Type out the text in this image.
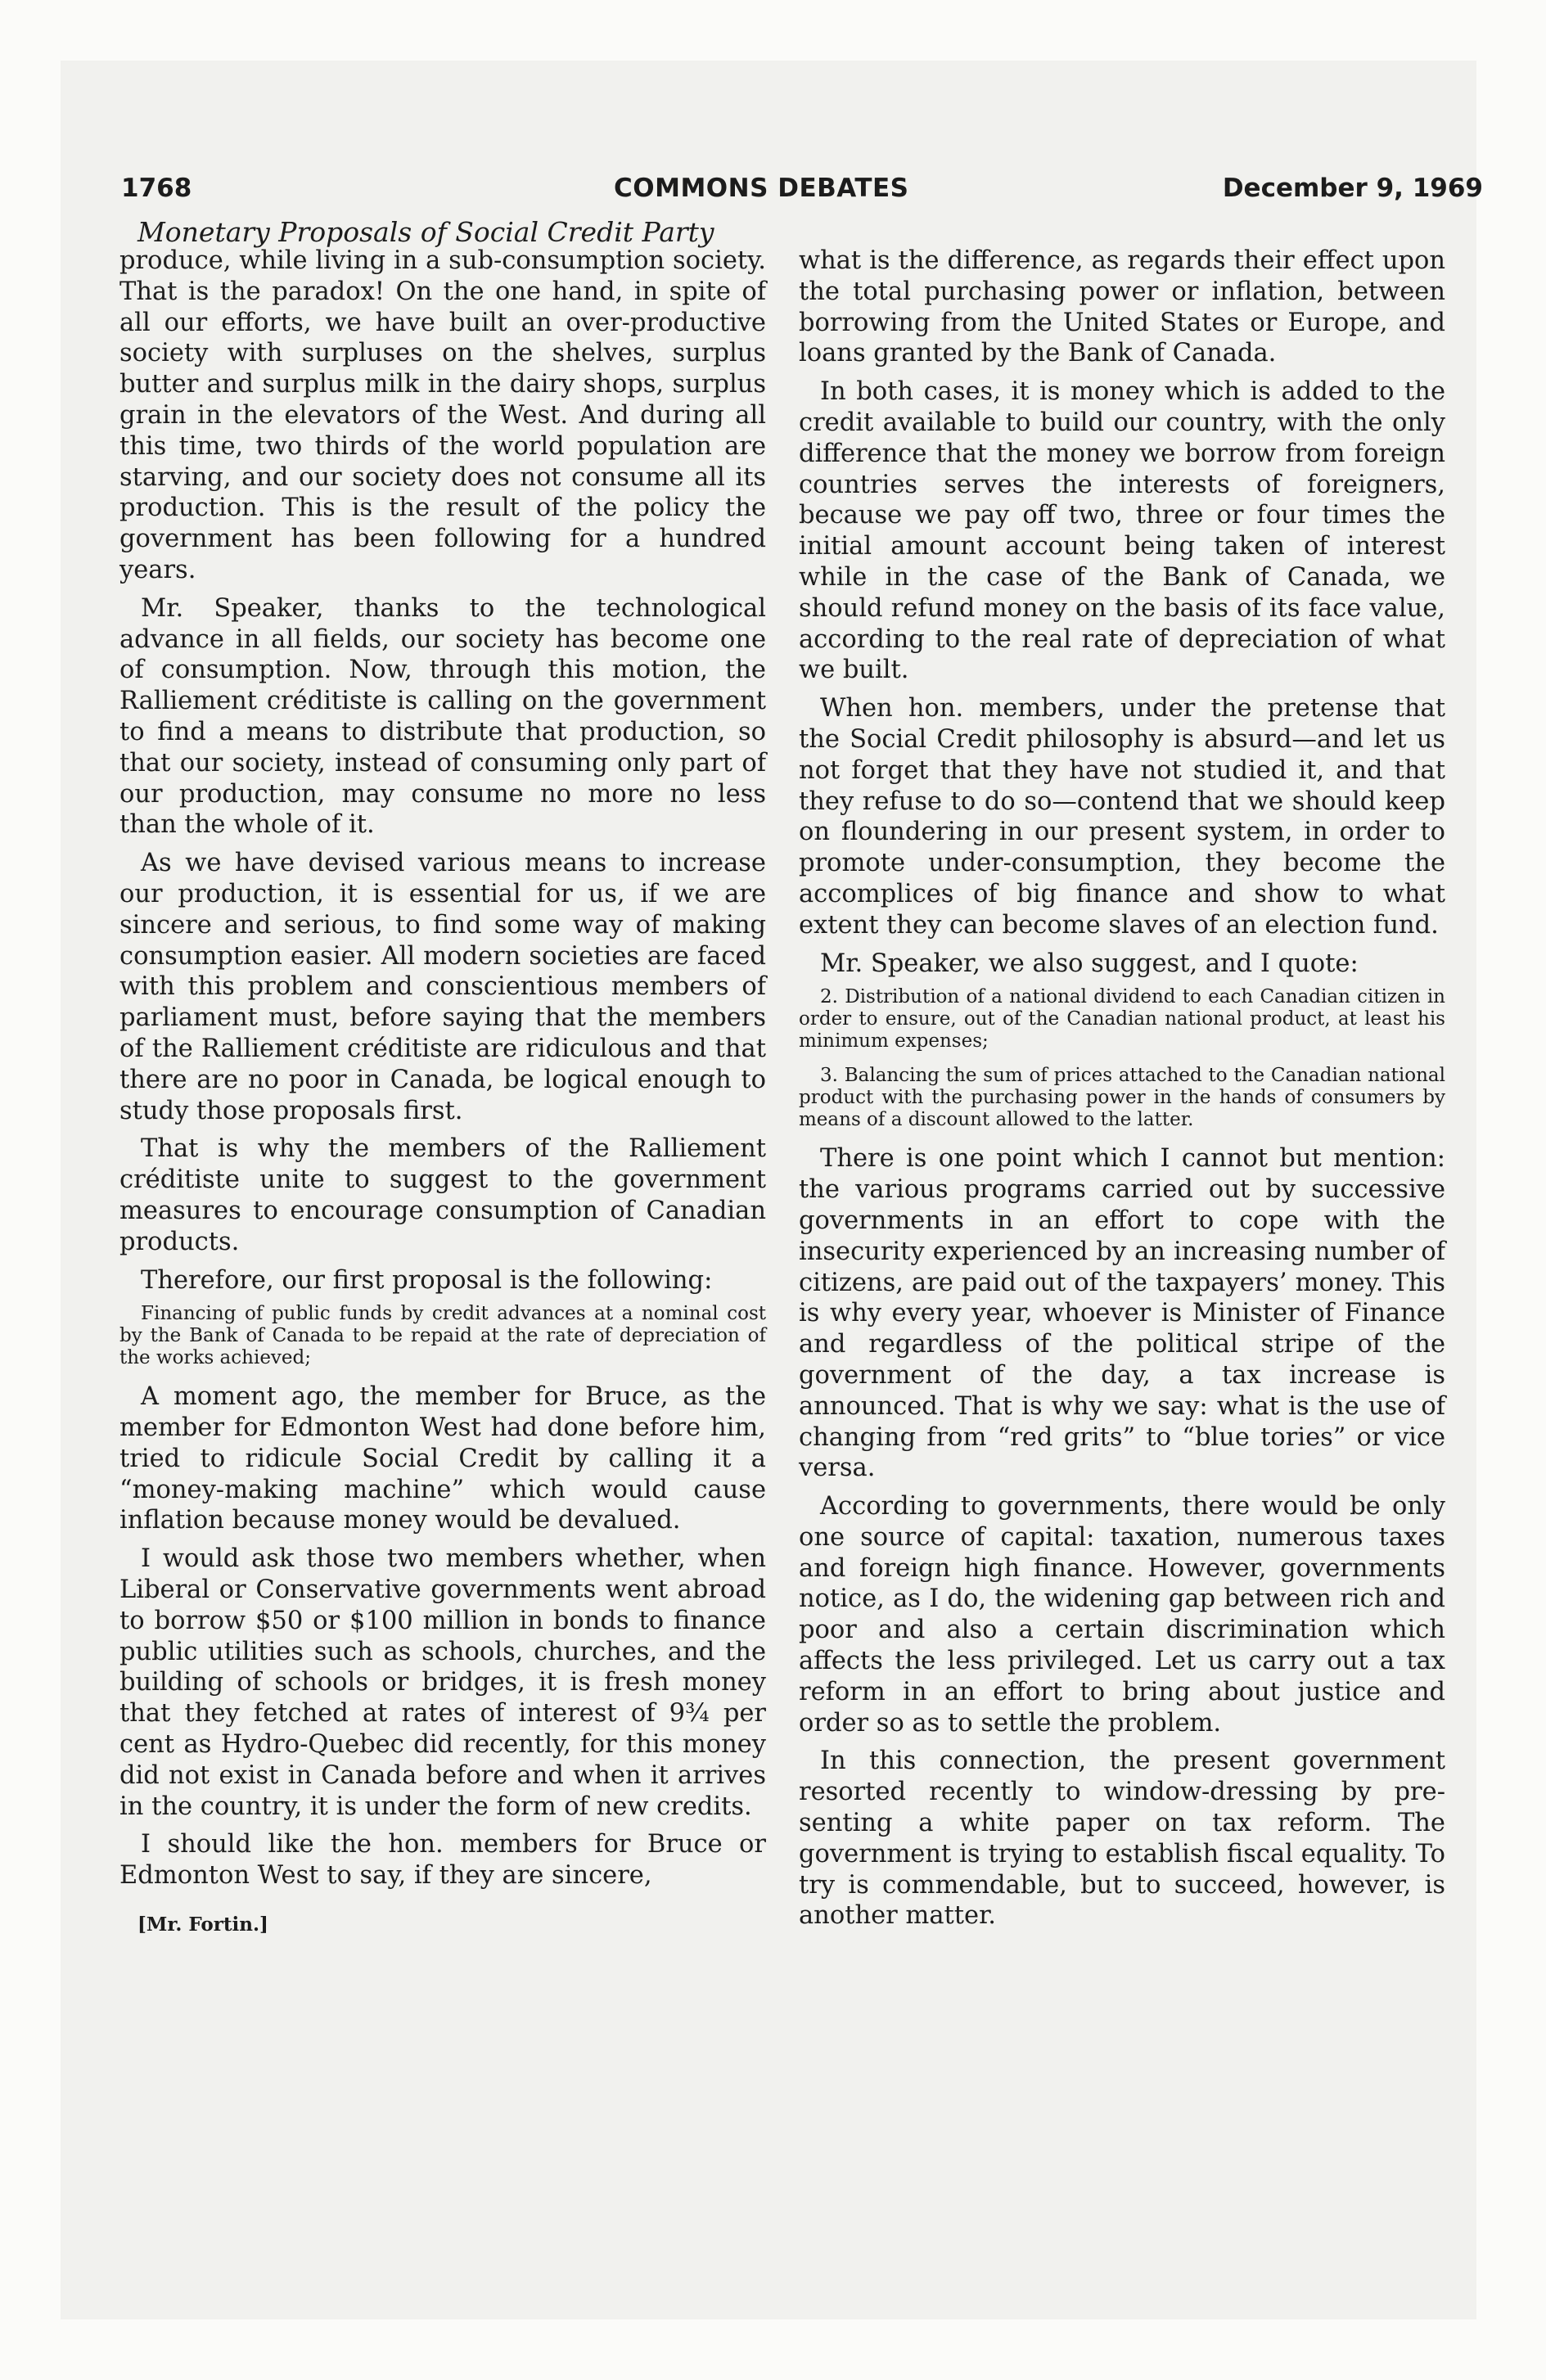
1768	COMMONS DEBATES	December 9, 1969
Monetary Proposals of Social Credit Party

produce, while living in a sub-consumption society. That is the paradox! On the one hand, in spite of all our efforts, we have built an over-productive society with surpluses on the shelves, surplus butter and surplus milk in the dairy shops, surplus grain in the elevators of the West. And during all this time, two thirds of the world population are starving, and our society does not consume all its production. This is the result of the policy the government has been following for a hundred years.

Mr. Speaker, thanks to the technological advance in all fields, our society has become one of consumption. Now, through this motion, the Ralliement créditiste is calling on the government to find a means to distribute that production, so that our society, instead of consuming only part of our production, may consume no more no less than the whole of it.

As we have devised various means to increase our production, it is essential for us, if we are sincere and serious, to find some way of making consumption easier. All modern societies are faced with this problem and conscientious members of parliament must, before saying that the members of the Ralliement créditiste are ridiculous and that there are no poor in Canada, be logical enough to study those proposals first.

That is why the members of the Ralliement créditiste unite to suggest to the government measures to encourage consumption of Canadian products.

Therefore, our first proposal is the following:

Financing of public funds by credit advances at a nominal cost by the Bank of Canada to be repaid at the rate of depreciation of the works achieved;

A moment ago, the member for Bruce, as the member for Edmonton West had done before him, tried to ridicule Social Credit by calling it a “money-making machine” which would cause inflation because money would be devalued.

I would ask those two members whether, when Liberal or Conservative governments went abroad to borrow $50 or $100 million in bonds to finance public utilities such as schools, churches, and the building of schools or bridges, it is fresh money that they fetched at rates of interest of 9¾ per cent as Hydro-Quebec did recently, for this money did not exist in Canada before and when it arrives in the country, it is under the form of new credits.

I should like the hon. members for Bruce or Edmonton West to say, if they are sincere,

[Mr. Fortin.]

what is the difference, as regards their effect upon the total purchasing power or inflation, between borrowing from the United States or Europe, and loans granted by the Bank of Canada.

In both cases, it is money which is added to the credit available to build our country, with the only difference that the money we borrow from foreign countries serves the interests of foreigners, because we pay off two, three or four times the initial amount account being taken of interest while in the case of the Bank of Canada, we should refund money on the basis of its face value, according to the real rate of depreciation of what we built.

When hon. members, under the pretense that the Social Credit philosophy is absurd—and let us not forget that they have not studied it, and that they refuse to do so—contend that we should keep on floundering in our present system, in order to promote under-consumption, they become the accomplices of big finance and show to what extent they can become slaves of an election fund.

Mr. Speaker, we also suggest, and I quote:

2. Distribution of a national dividend to each Canadian citizen in order to ensure, out of the Canadian national product, at least his minimum expenses;

3. Balancing the sum of prices attached to the Canadian national product with the purchasing power in the hands of consumers by means of a discount allowed to the latter.

There is one point which I cannot but mention: the various programs carried out by successive governments in an effort to cope with the insecurity experienced by an increasing number of citizens, are paid out of the taxpayers’ money. This is why every year, whoever is Minister of Finance and regardless of the political stripe of the government of the day, a tax increase is announced. That is why we say: what is the use of changing from “red grits” to “blue tories” or vice versa.

According to governments, there would be only one source of capital: taxation, numerous taxes and foreign high finance. However, governments notice, as I do, the widening gap between rich and poor and also a certain discrimination which affects the less privileged. Let us carry out a tax reform in an effort to bring about justice and order so as to settle the problem.

In this connection, the present government resorted recently to window-dressing by presenting a white paper on tax reform. The government is trying to establish fiscal equality. To try is commendable, but to succeed, however, is another matter.
